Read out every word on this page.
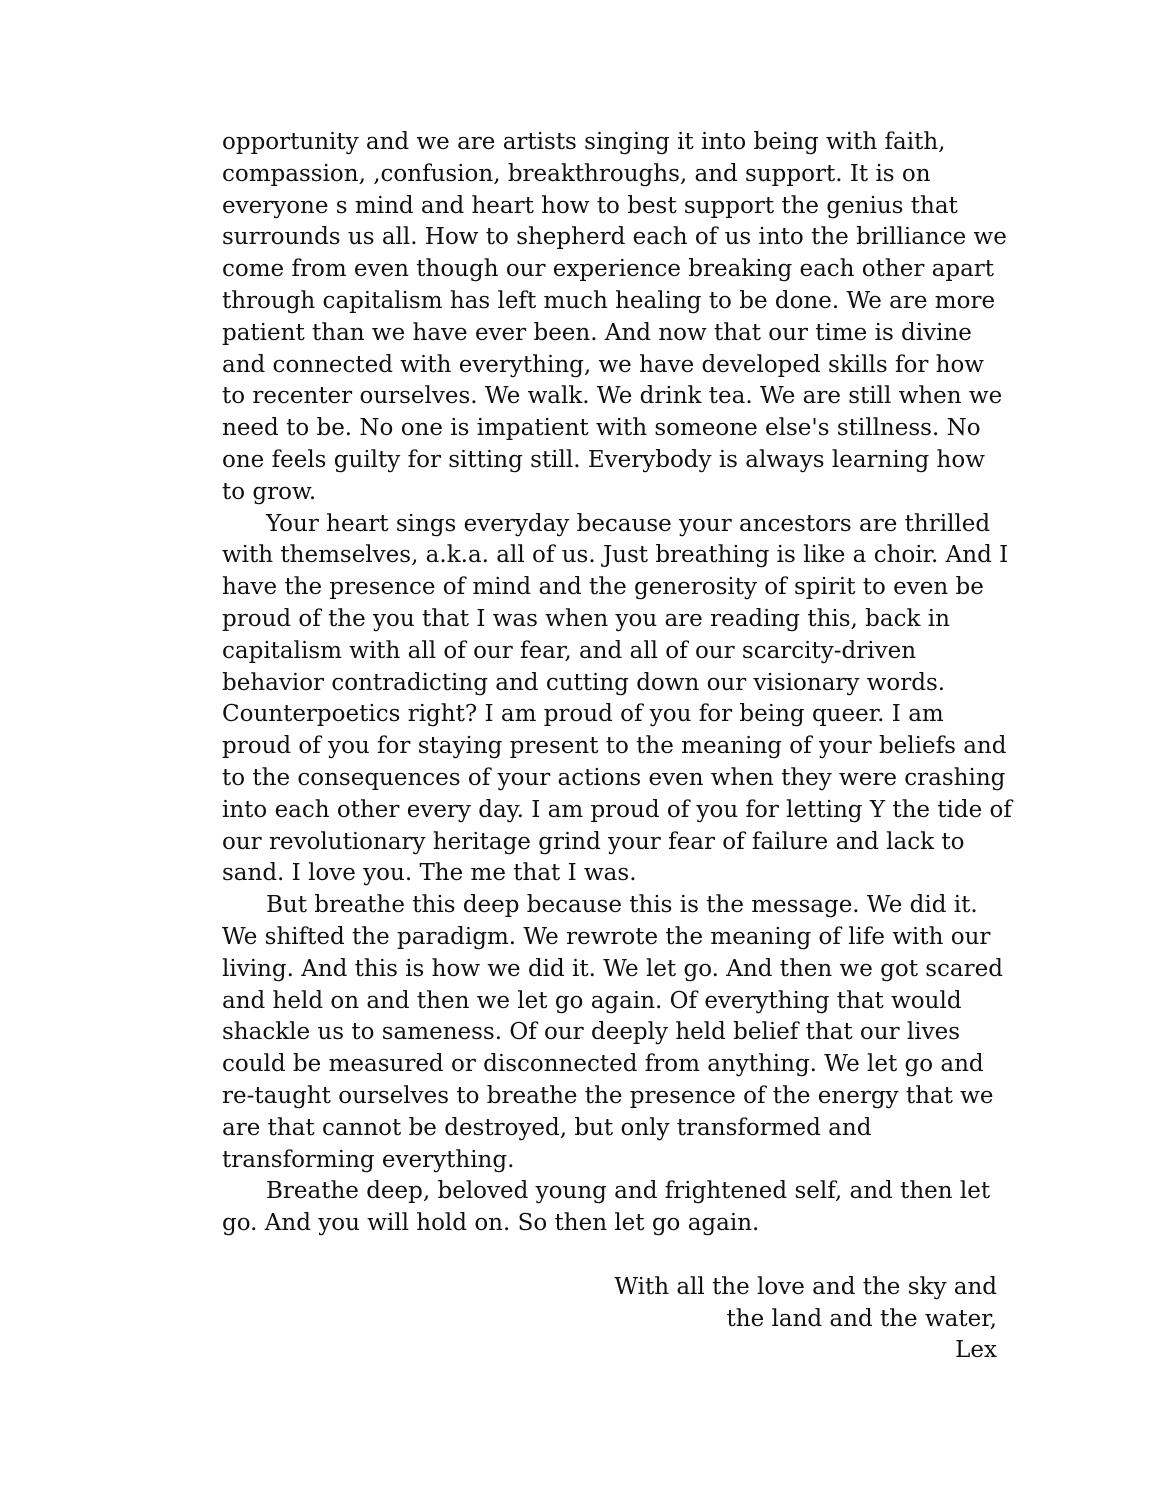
opportunity and we are artists singing it into being with faith,
compassion, ,confusion, breakthroughs, and support. It is on
everyone s mind and heart how to best support the genius that
surrounds us all. How to shepherd each of us into the brilliance we
come from even though our experience breaking each other apart
through capitalism has left much healing to be done. We are more
patient than we have ever been. And now that our time is divine
and connected with everything, we have developed skills for how
to recenter ourselves. We walk. We drink tea. We are still when we
need to be. No one is impatient with someone else's stillness. No
one feels guilty for sitting still. Everybody is always learning how
to grow.

Your heart sings everyday because your ancestors are thrilled
with themselves, a.k.a. all of us. Just breathing is like a choir. And I
have the presence of mind and the generosity of spirit to even be
proud of the you that I was when you are reading this, back in
capitalism with all of our fear, and all of our scarcity-driven
behavior contradicting and cutting down our visionary words.
Counterpoetics right? I am proud of you for being queer. I am
proud of you for staying present to the meaning of your beliefs and
to the consequences of your actions even when they were crashing
into each other every day. I am proud of you for letting Y the tide of
our revolutionary heritage grind your fear of failure and lack to
sand. I love you. The me that I was.

But breathe this deep because this is the message. We did it.
We shifted the paradigm. We rewrote the meaning of life with our
living. And this is how we did it. We let go. And then we got scared
and held on and then we let go again. Of everything that would
shackle us to sameness. Of our deeply held belief that our lives
could be measured or disconnected from anything. We let go and
re-taught ourselves to breathe the presence of the energy that we
are that cannot be destroyed, but only transformed and
transforming everything.

Breathe deep, beloved young and frightened self, and then let
go. And you will hold on. So then let go again.

With all the love and the sky and
the land and the water,
Lex
